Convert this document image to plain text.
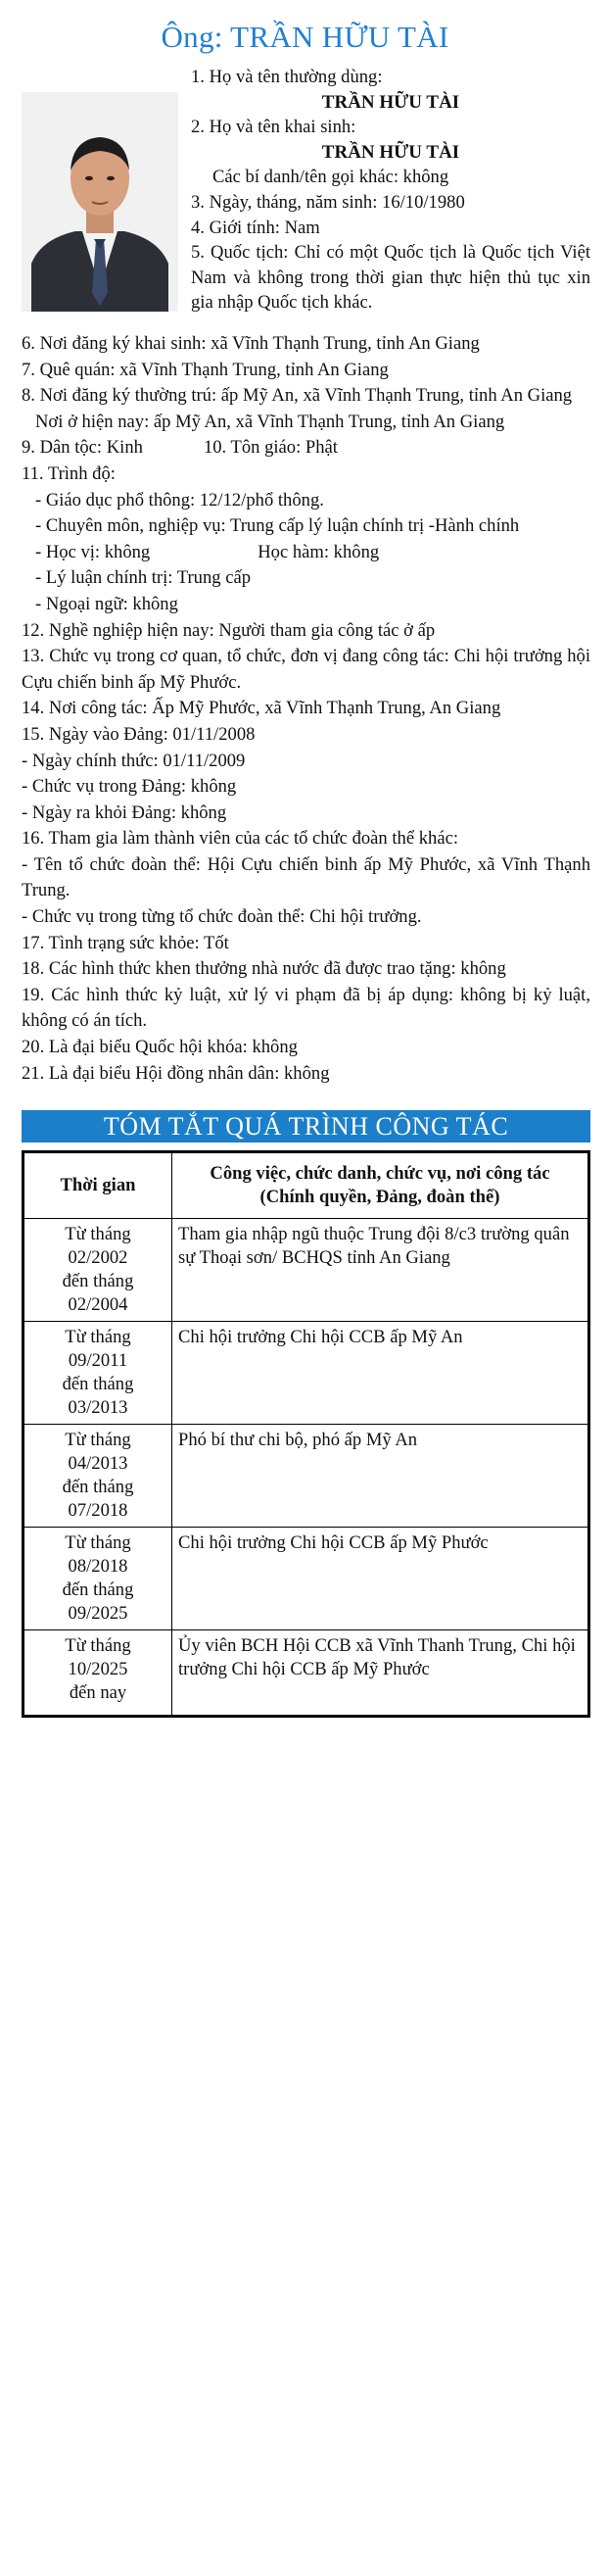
Ông: TRẦN HỮU TÀI
1. Họ và tên thường dùng:
TRẦN HỮU TÀI
2. Họ và tên khai sinh:
TRẦN HỮU TÀI
Các bí danh/tên gọi khác: không
3. Ngày, tháng, năm sinh: 16/10/1980
4. Giới tính: Nam
5. Quốc tịch: Chỉ có một Quốc tịch là Quốc tịch Việt Nam và không trong thời gian thực hiện thủ tục xin gia nhập Quốc tịch khác.
6. Nơi đăng ký khai sinh: xã Vĩnh Thạnh Trung, tỉnh An Giang
7. Quê quán: xã Vĩnh Thạnh Trung, tỉnh An Giang
8. Nơi đăng ký thường trú: ấp Mỹ An, xã Vĩnh Thạnh Trung, tỉnh An Giang
Nơi ở hiện nay: ấp Mỹ An, xã Vĩnh Thạnh Trung, tỉnh An Giang
9. Dân tộc: Kinh	10. Tôn giáo: Phật
11. Trình độ:
- Giáo dục phổ thông: 12/12/phổ thông.
- Chuyên môn, nghiệp vụ: Trung cấp lý luận chính trị -Hành chính
- Học vị: không	Học hàm: không
- Lý luận chính trị: Trung cấp
- Ngoại ngữ: không
12. Nghề nghiệp hiện nay: Người tham gia công tác ở ấp
13. Chức vụ trong cơ quan, tổ chức, đơn vị đang công tác: Chi hội trưởng hội Cựu chiến binh ấp Mỹ Phước.
14. Nơi công tác: Ấp Mỹ Phước, xã Vĩnh Thạnh Trung, An Giang
15. Ngày vào Đảng: 01/11/2008
- Ngày chính thức: 01/11/2009
- Chức vụ trong Đảng: không
- Ngày ra khỏi Đảng: không
16. Tham gia làm thành viên của các tổ chức đoàn thể khác:
- Tên tổ chức đoàn thể: Hội Cựu chiến binh ấp Mỹ Phước, xã Vĩnh Thạnh Trung.
- Chức vụ trong từng tổ chức đoàn thể: Chi hội trưởng.
17. Tình trạng sức khỏe: Tốt
18. Các hình thức khen thưởng nhà nước đã được trao tặng: không
19. Các hình thức kỷ luật, xử lý vi phạm đã bị áp dụng: không bị kỷ luật, không có án tích.
20. Là đại biểu Quốc hội khóa: không
21. Là đại biểu Hội đồng nhân dân: không
TÓM TẮT QUÁ TRÌNH CÔNG TÁC
Thời gian	Công việc, chức danh, chức vụ, nơi công tác
(Chính quyền, Đảng, đoàn thể)

Từ tháng
02/2002
đến tháng
02/2004	Tham gia nhập ngũ thuộc Trung đội 8/c3 trường quân sự Thoại sơn/ BCHQS tỉnh An Giang

Từ tháng
09/2011
đến tháng
03/2013	Chi hội trưởng Chi hội CCB ấp Mỹ An

Từ tháng
04/2013
đến tháng
07/2018	Phó bí thư chi bộ, phó ấp Mỹ An

Từ tháng
08/2018
đến tháng
09/2025	Chi hội trưởng Chi hội CCB ấp Mỹ Phước

Từ tháng
10/2025
đến nay	Ủy viên BCH Hội CCB xã Vĩnh Thanh Trung, Chi hội trưởng Chi hội CCB ấp Mỹ Phước
